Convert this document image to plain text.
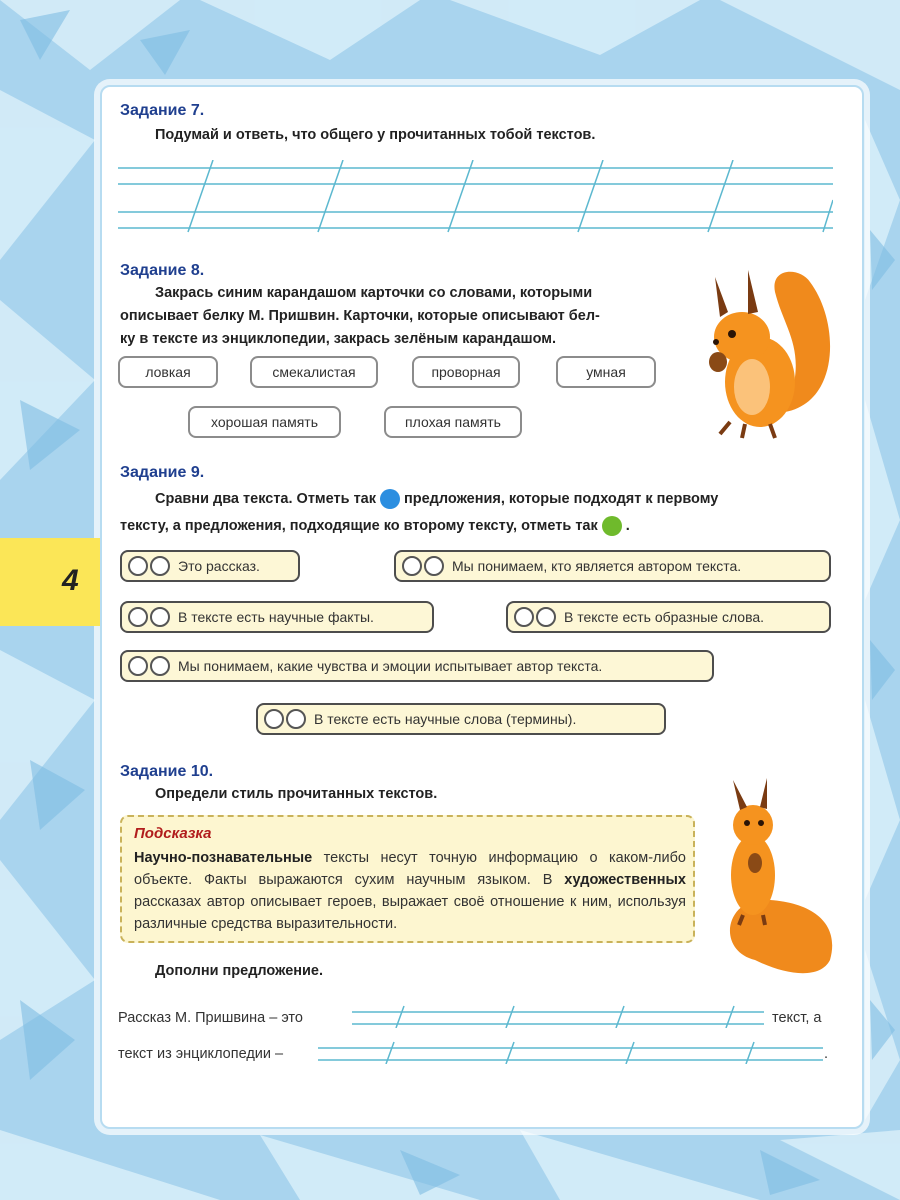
4
Задание 7.
Подумай и ответь, что общего у прочитанных тобой текстов.
Задание 8.
Закрась синим карандашом карточки со словами, которыми
описывает белку М. Пришвин. Карточки, которые описывают бел-
ку в тексте из энциклопедии, закрась зелёным карандашом.
ловкая	смекалистая	проворная	умная
хорошая память	плохая память
Задание 9.
Сравни два текста. Отметь так предложения, которые подходят к первому
тексту, а предложения, подходящие ко второму тексту, отметь так .
Это рассказ.	Мы понимаем, кто является автором текста.
В тексте есть научные факты.	В тексте есть образные слова.
Мы понимаем, какие чувства и эмоции испытывает автор текста.
В тексте есть научные слова (термины).
Задание 10.
Определи стиль прочитанных текстов.
Подсказка
Научно-познавательные тексты несут точную информацию о каком-либо объекте. Факты выражаются сухим научным языком. В художественных рассказах автор описывает героев, выражает своё отношение к ним, используя различные средства выразительности.
Дополни предложение.
Рассказ М. Пришвина – это	текст, а
текст из энциклопедии –	.
